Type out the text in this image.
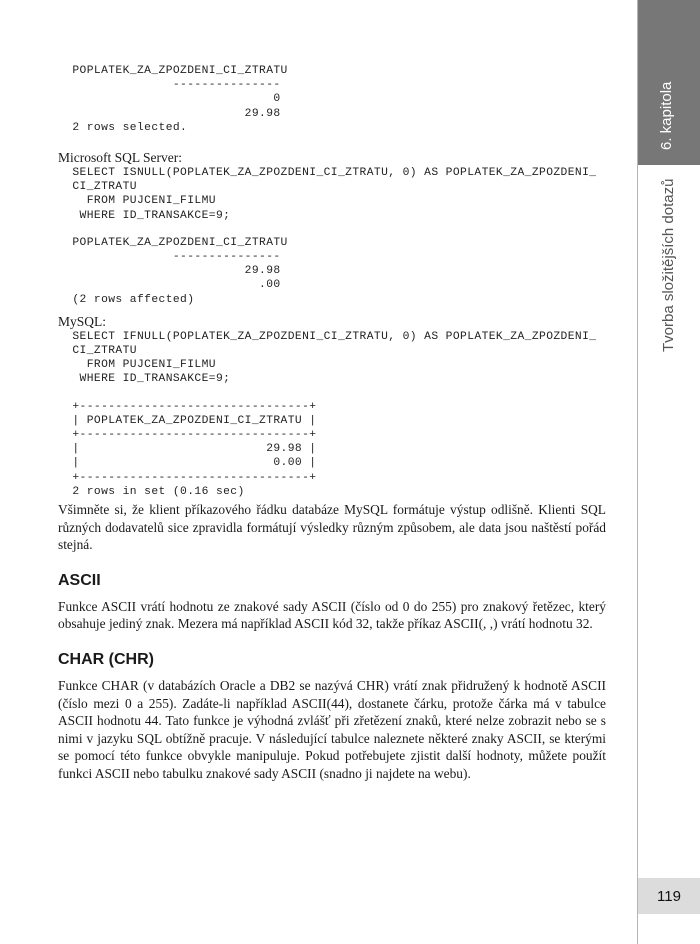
POPLATEK_ZA_ZPOZDENI_CI_ZTRATU
---------------
0
29.98
2 rows selected.

Microsoft SQL Server:

SELECT ISNULL(POPLATEK_ZA_ZPOZDENI_CI_ZTRATU, 0) AS POPLATEK_ZA_ZPOZDENI_
CI_ZTRATU
FROM PUJCENI_FILMU
WHERE ID_TRANSAKCE=9;
POPLATEK_ZA_ZPOZDENI_CI_ZTRATU
---------------
29.98
.00
(2 rows affected)

MySQL:

SELECT IFNULL(POPLATEK_ZA_ZPOZDENI_CI_ZTRATU, 0) AS POPLATEK_ZA_ZPOZDENI_
CI_ZTRATU
FROM PUJCENI_FILMU
WHERE ID_TRANSAKCE=9;
+--------------------------------+
| POPLATEK_ZA_ZPOZDENI_CI_ZTRATU |
+--------------------------------+
|                          29.98 |
|                           0.00 |
+--------------------------------+
2 rows in set (0.16 sec)

Všimněte si, že klient příkazového řádku databáze MySQL formátuje výstup odlišně. Klienti SQL různých dodavatelů sice zpravidla formátují výsledky různým způsobem, ale data jsou naštěstí pořád stejná.

ASCII

Funkce ASCII vrátí hodnotu ze znakové sady ASCII (číslo od 0 do 255) pro znakový řetězec, který obsahuje jediný znak. Mezera má například ASCII kód 32, takže příkaz ASCII(, ,) vrátí hodnotu 32.

CHAR (CHR)

Funkce CHAR (v databázích Oracle a DB2 se nazývá CHR) vrátí znak přidružený k hodnotě ASCII (číslo mezi 0 a 255). Zadáte-li například ASCII(44), dostanete čárku, protože čárka má v tabulce ASCII hodnotu 44. Tato funkce je výhodná zvlášť při zřetězení znaků, které nelze zobrazit nebo se s nimi v jazyku SQL obtížně pracuje. V následující tabulce naleznete některé znaky ASCII, se kterými se pomocí této funkce obvykle manipuluje. Pokud potřebujete zjistit další hodnoty, můžete použít funkci ASCII nebo tabulku znakové sady ASCII (snadno ji najdete na webu).

6. kapitola
Tvorba složitějších dotazů
119
